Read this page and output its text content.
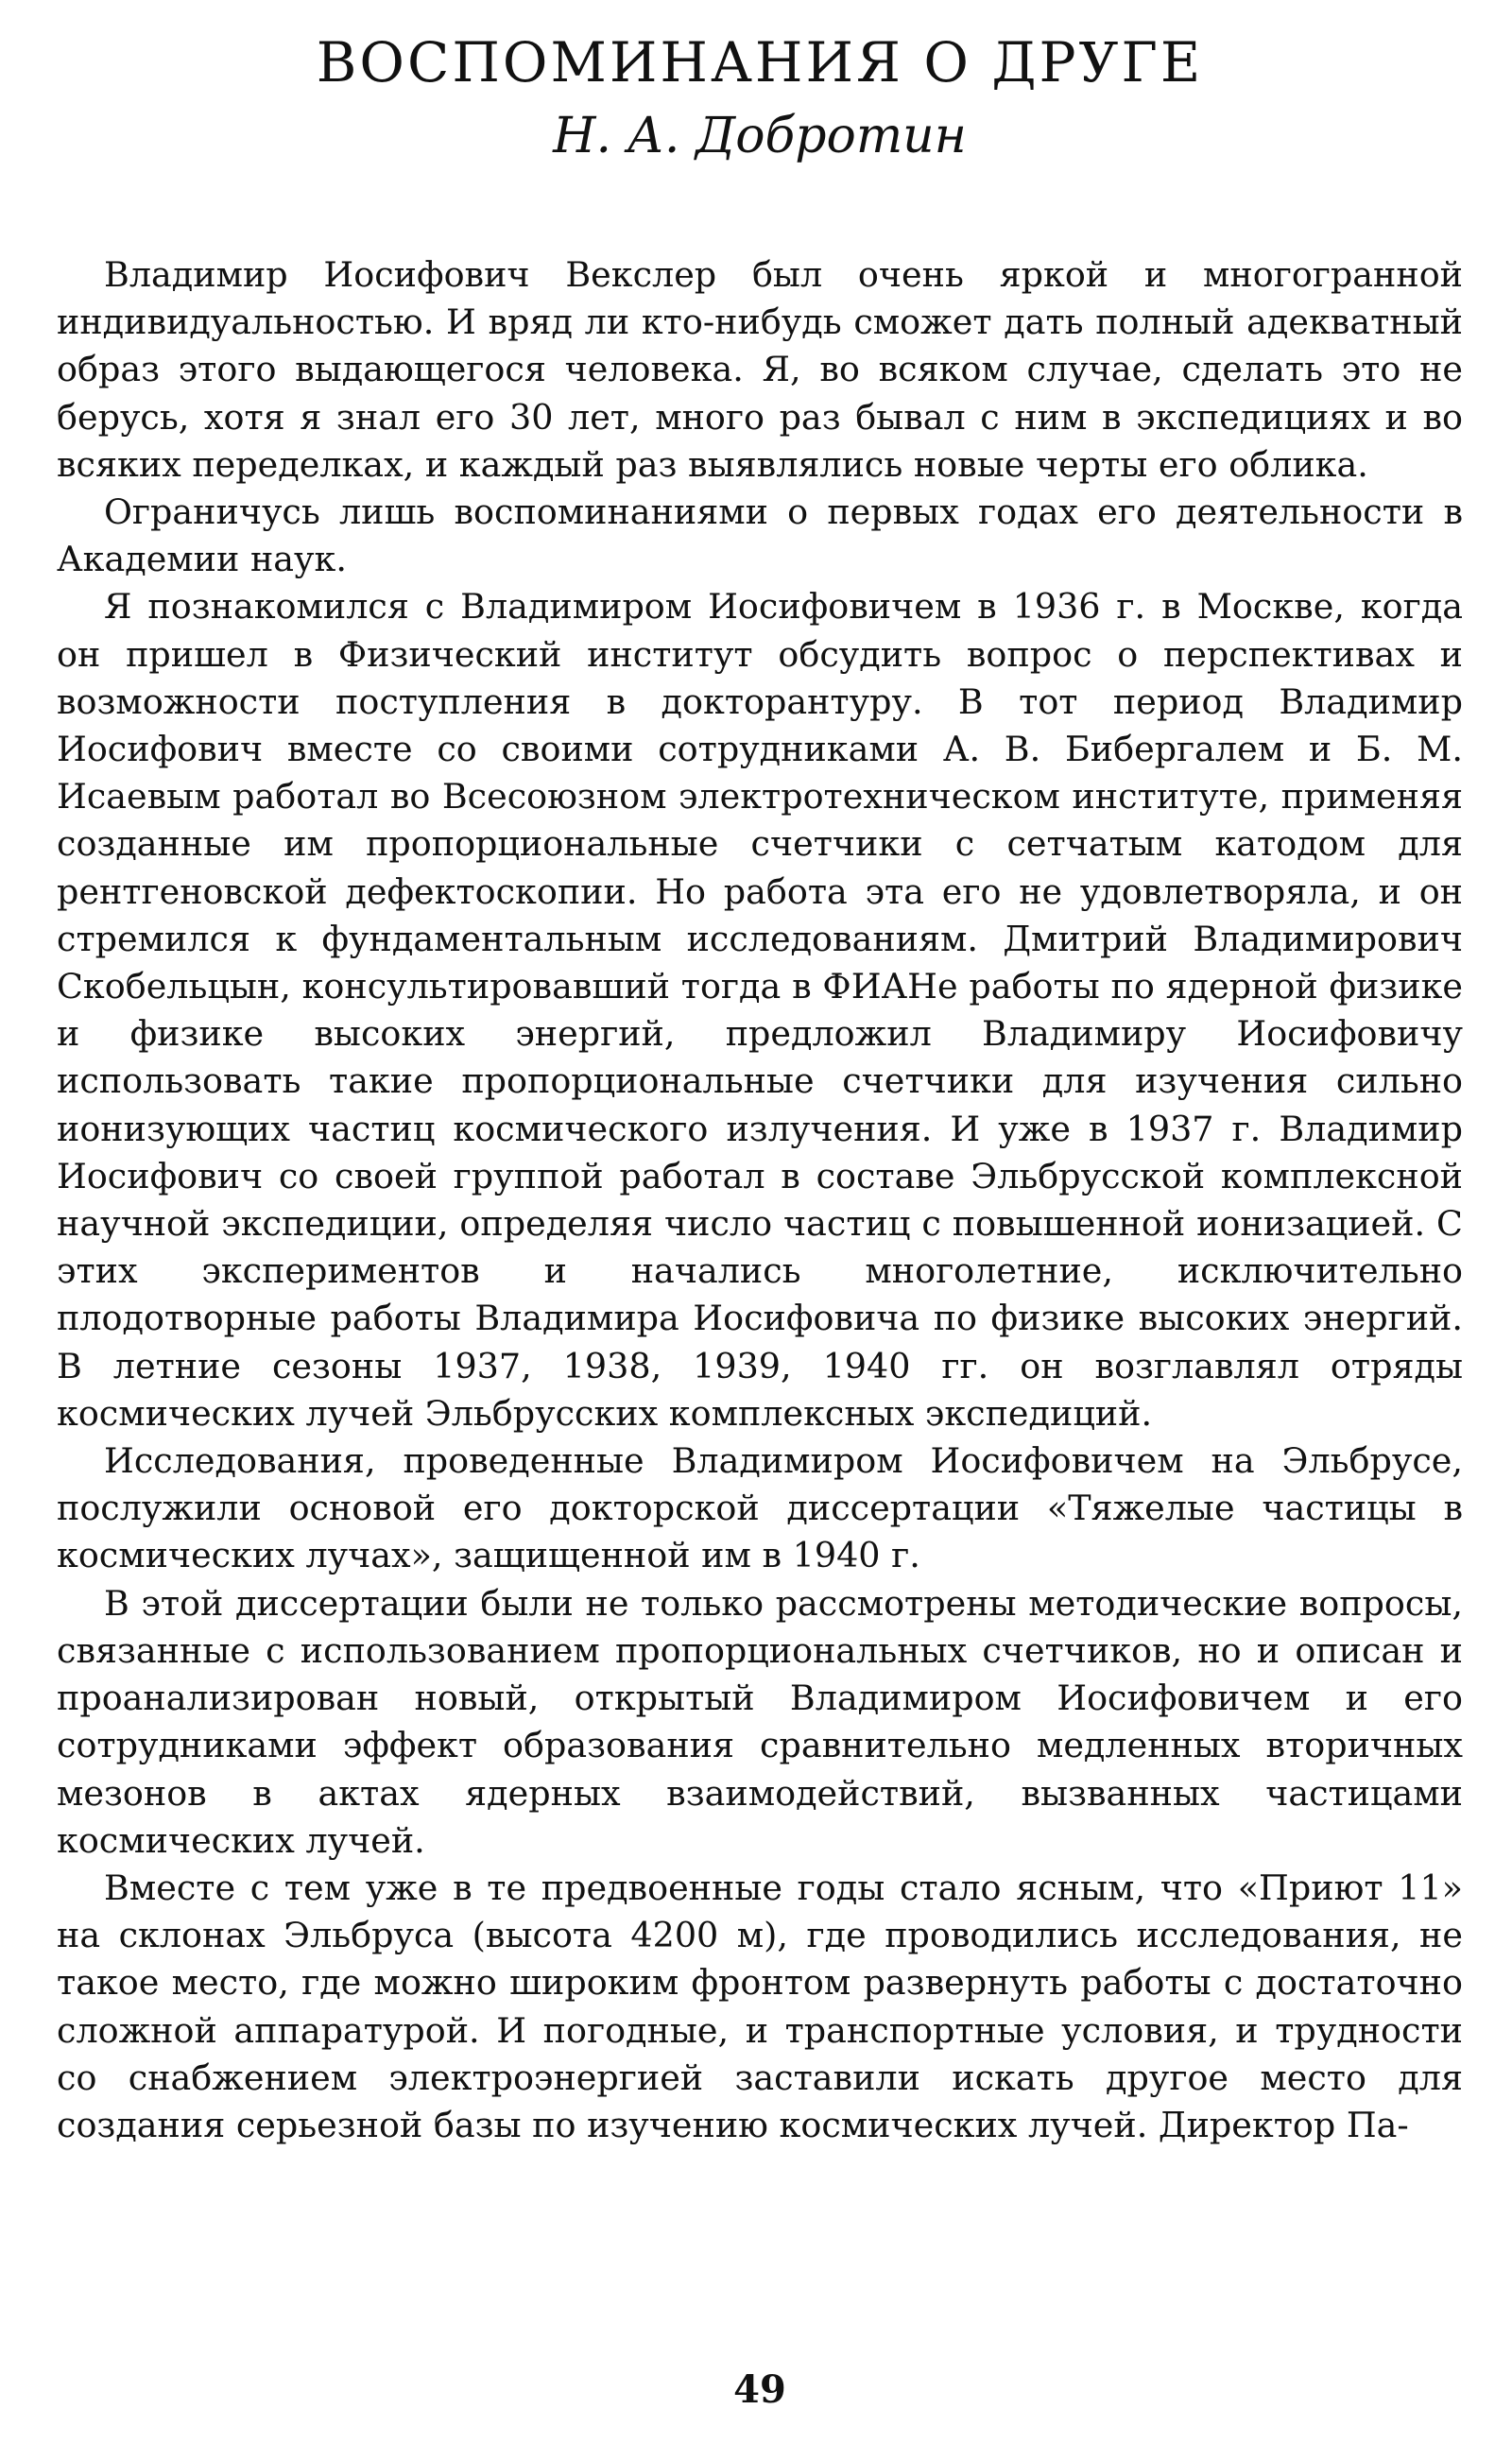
ВОСПОМИНАНИЯ О ДРУГЕ
Н. А. Добротин

Владимир Иосифович Векслер был очень яркой и многогранной индивидуальностью. И вряд ли кто-нибудь сможет дать полный адекватный образ этого выдающегося человека. Я, во всяком случае, сделать это не берусь, хотя я знал его 30 лет, много раз бывал с ним в экспедициях и во всяких переделках, и каждый раз выявлялись новые черты его облика.

Ограничусь лишь воспоминаниями о первых годах его деятельности в Академии наук.

Я познакомился с Владимиром Иосифовичем в 1936 г. в Москве, когда он пришел в Физический институт обсудить вопрос о перспективах и возможности поступления в докторантуру. В тот период Владимир Иосифович вместе со своими сотрудниками А. В. Бибергалем и Б. М. Исаевым работал во Всесоюзном электротехническом институте, применяя созданные им пропорциональные счетчики с сетчатым катодом для рентгеновской дефектоскопии. Но работа эта его не удовлетворяла, и он стремился к фундаментальным исследованиям. Дмитрий Владимирович Скобельцын, консультировавший тогда в ФИАНе работы по ядерной физике и физике высоких энергий, предложил Владимиру Иосифовичу использовать такие пропорциональные счетчики для изучения сильно ионизующих частиц космического излучения. И уже в 1937 г. Владимир Иосифович со своей группой работал в составе Эльбрусской комплексной научной экспедиции, определяя число частиц с повышенной ионизацией. С этих экспериментов и начались многолетние, исключительно плодотворные работы Владимира Иосифовича по физике высоких энергий. В летние сезоны 1937, 1938, 1939, 1940 гг. он возглавлял отряды космических лучей Эльбрусских комплексных экспедиций.

Исследования, проведенные Владимиром Иосифовичем на Эльбрусе, послужили основой его докторской диссертации «Тяжелые частицы в космических лучах», защищенной им в 1940 г.

В этой диссертации были не только рассмотрены методические вопросы, связанные с использованием пропорциональных счетчиков, но и описан и проанализирован новый, открытый Владимиром Иосифовичем и его сотрудниками эффект образования сравнительно медленных вторичных мезонов в актах ядерных взаимодействий, вызванных частицами космических лучей.

Вместе с тем уже в те предвоенные годы стало ясным, что «Приют 11» на склонах Эльбруса (высота 4200 м), где проводились исследования, не такое место, где можно широким фронтом развернуть работы с достаточно сложной аппаратурой. И погодные, и транспортные условия, и трудности со снабжением электроэнергией заставили искать другое место для создания серьезной базы по изучению космических лучей. Директор Па-

49
